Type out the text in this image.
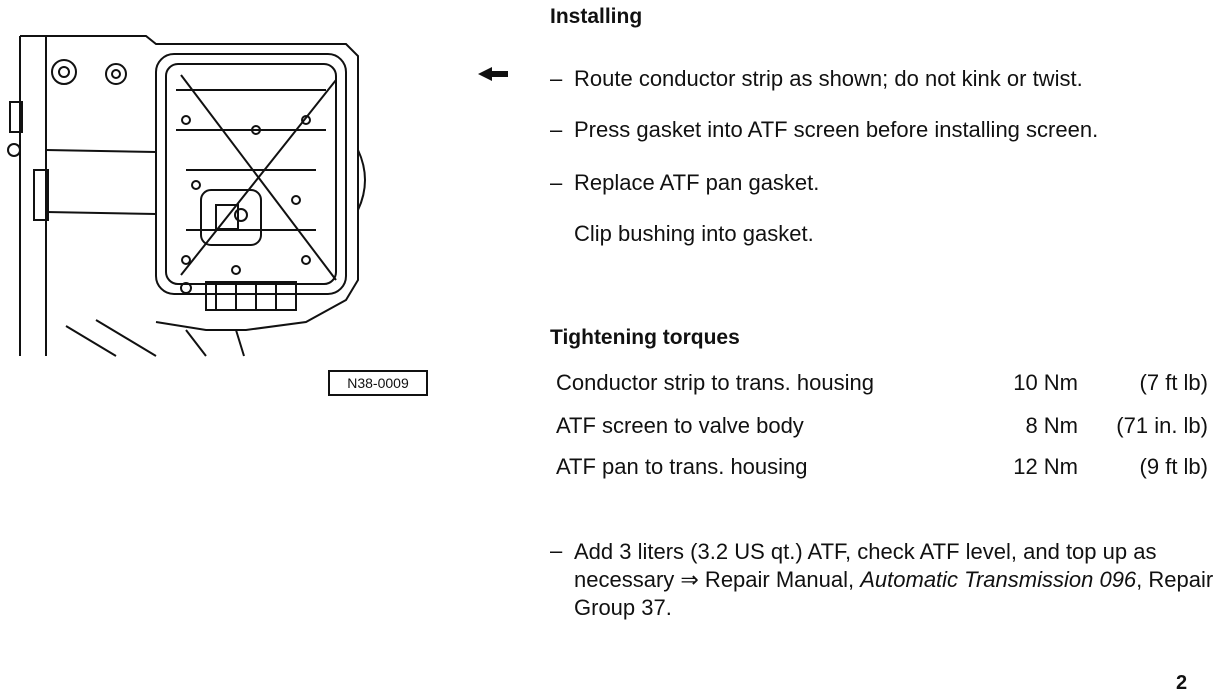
N38-0009
Installing
– Route conductor strip as shown; do not kink or twist.
– Press gasket into ATF screen before installing screen.
– Replace ATF pan gasket.
Clip bushing into gasket.
Tightening torques
Conductor strip to trans. housing	10 Nm	(7 ft lb)
ATF screen to valve body	8 Nm (71 in. lb)
ATF pan to trans. housing	12 Nm	(9 ft lb)
– Add 3 liters (3.2 US qt.) ATF, check ATF level, and top up as necessary ⇒ Repair Manual, Automatic Transmission 096, Repair Group 37.
2
